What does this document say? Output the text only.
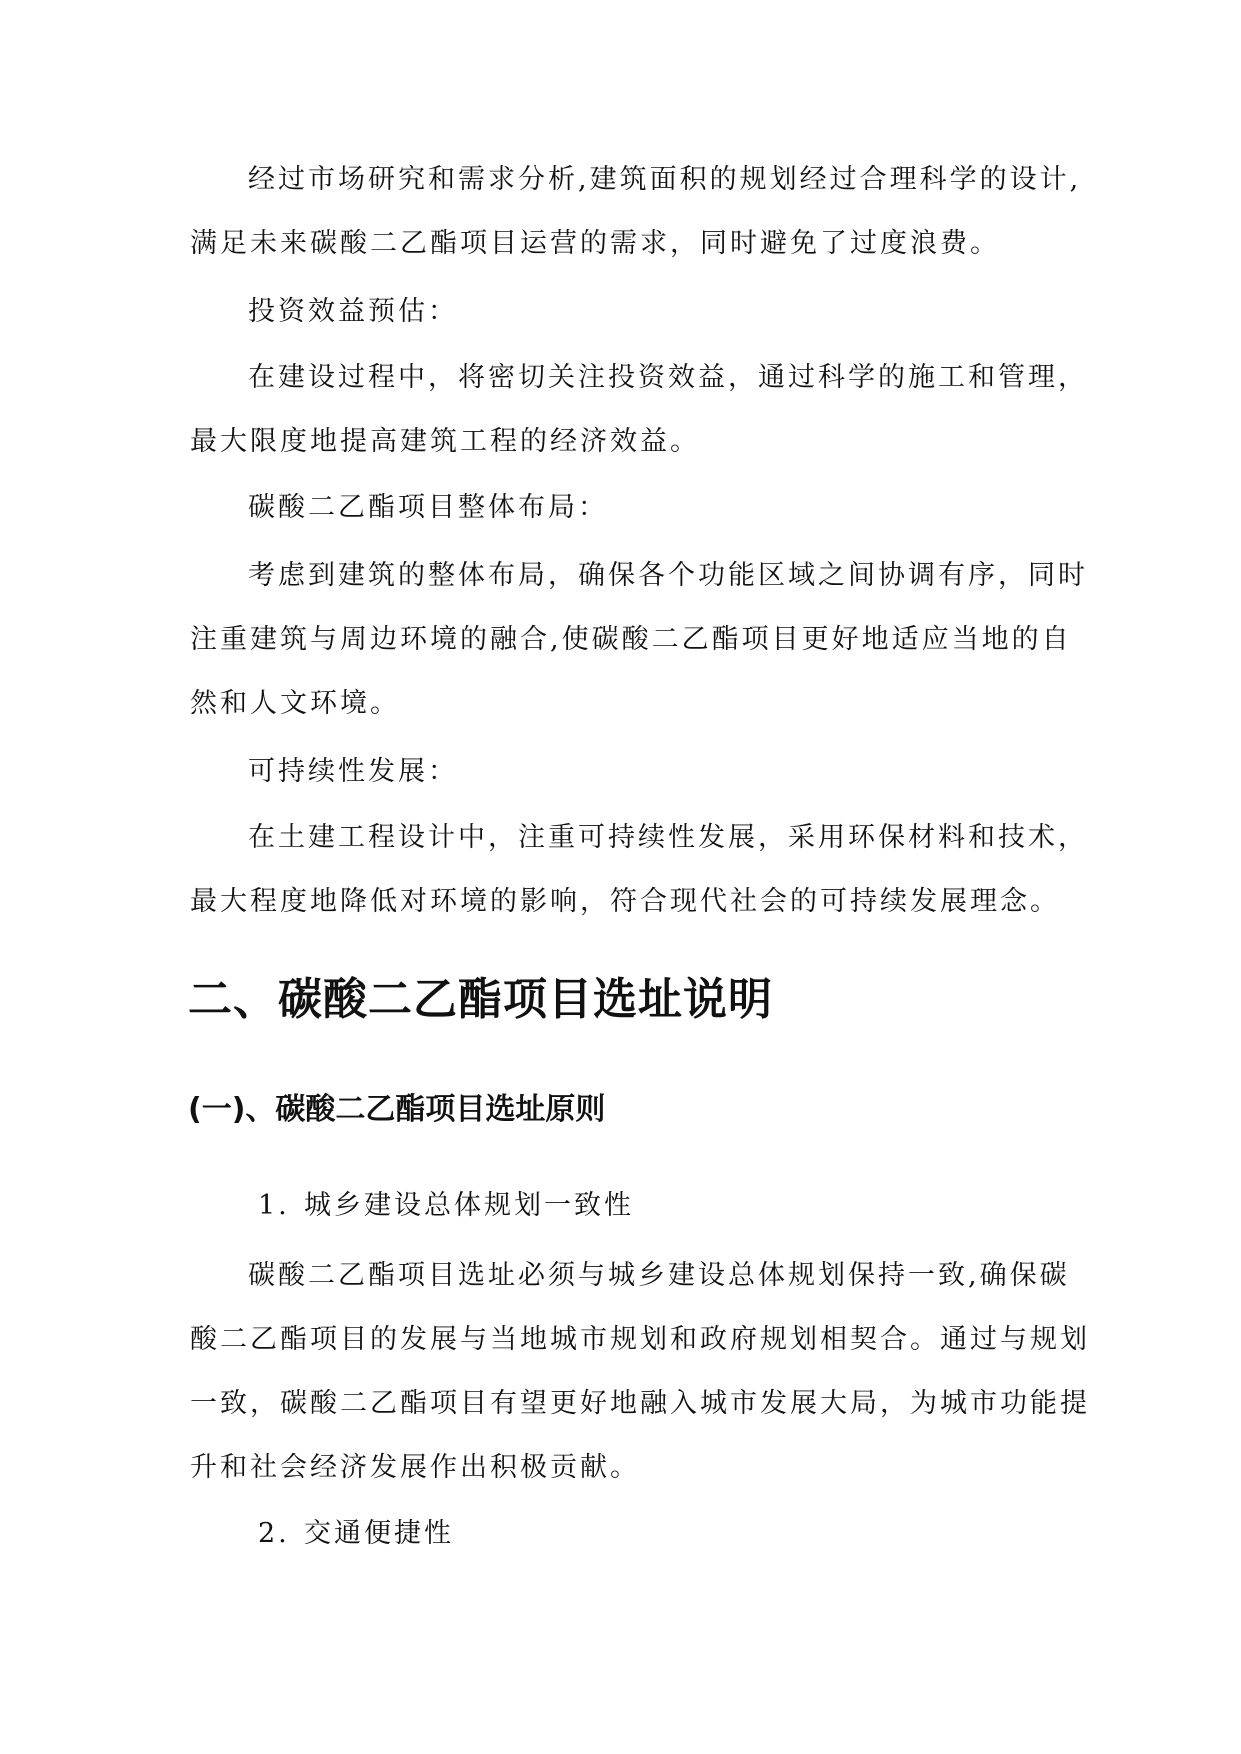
经过市场研究和需求分析,建筑面积的规划经过合理科学的设计,
满足未来碳酸二乙酯项目运营的需求，同时避免了过度浪费。
投资效益预估：
在建设过程中，将密切关注投资效益，通过科学的施工和管理，
最大限度地提高建筑工程的经济效益。
碳酸二乙酯项目整体布局：
考虑到建筑的整体布局，确保各个功能区域之间协调有序，同时
注重建筑与周边环境的融合,使碳酸二乙酯项目更好地适应当地的自
然和人文环境。
可持续性发展：
在土建工程设计中，注重可持续性发展，采用环保材料和技术，
最大程度地降低对环境的影响，符合现代社会的可持续发展理念。
二、碳酸二乙酯项目选址说明
(一)、碳酸二乙酯项目选址原则
1. 城乡建设总体规划一致性
碳酸二乙酯项目选址必须与城乡建设总体规划保持一致,确保碳
酸二乙酯项目的发展与当地城市规划和政府规划相契合。通过与规划
一致，碳酸二乙酯项目有望更好地融入城市发展大局，为城市功能提
升和社会经济发展作出积极贡献。
2. 交通便捷性
